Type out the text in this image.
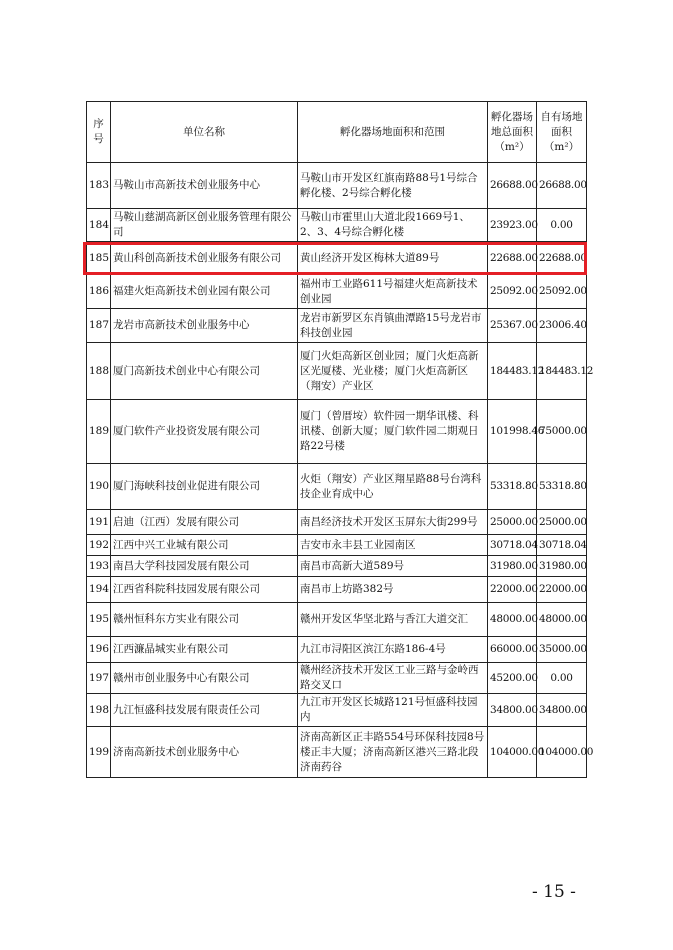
序号	单位名称	孵化器场地面积和范围	孵化器场地总面积（m²）	自有场地面积（m²）
183	马鞍山市高新技术创业服务中心	马鞍山市开发区红旗南路88号1号综合孵化楼、2号综合孵化楼	26688.00	26688.00
184	马鞍山慈湖高新区创业服务管理有限公司	马鞍山市霍里山大道北段1669号1、2、3、4号综合孵化楼	23923.00	0.00
185	黄山科创高新技术创业服务有限公司	黄山经济开发区梅林大道89号	22688.00	22688.00
186	福建火炬高新技术创业园有限公司	福州市工业路611号福建火炬高新技术创业园	25092.00	25092.00
187	龙岩市高新技术创业服务中心	龙岩市新罗区东肖镇曲潭路15号龙岩市科技创业园	25367.00	23006.40
188	厦门高新技术创业中心有限公司	厦门火炬高新区创业园；厦门火炬高新区光厦楼、光业楼；厦门火炬高新区（翔安）产业区	184483.12	184483.12
189	厦门软件产业投资发展有限公司	厦门（曾厝垵）软件园一期华讯楼、科讯楼、创新大厦；厦门软件园二期观日路22号楼	101998.46	75000.00
190	厦门海峡科技创业促进有限公司	火炬（翔安）产业区翔星路88号台湾科技企业育成中心	53318.80	53318.80
191	启迪（江西）发展有限公司	南昌经济技术开发区玉屏东大街299号	25000.00	25000.00
192	江西中兴工业城有限公司	吉安市永丰县工业园南区	30718.04	30718.04
193	南昌大学科技园发展有限公司	南昌市高新大道589号	31980.00	31980.00
194	江西省科院科技园发展有限公司	南昌市上坊路382号	22000.00	22000.00
195	赣州恒科东方实业有限公司	赣州开发区华坚北路与香江大道交汇	48000.00	48000.00
196	江西濂晶城实业有限公司	九江市浔阳区滨江东路186-4号	66000.00	35000.00
197	赣州市创业服务中心有限公司	赣州经济技术开发区工业三路与金岭西路交叉口	45200.00	0.00
198	九江恒盛科技发展有限责任公司	九江市开发区长城路121号恒盛科技园内	34800.00	34800.00
199	济南高新技术创业服务中心	济南高新区正丰路554号环保科技园8号楼正丰大厦；济南高新区港兴三路北段济南药谷	104000.00	104000.00
- 15 -
